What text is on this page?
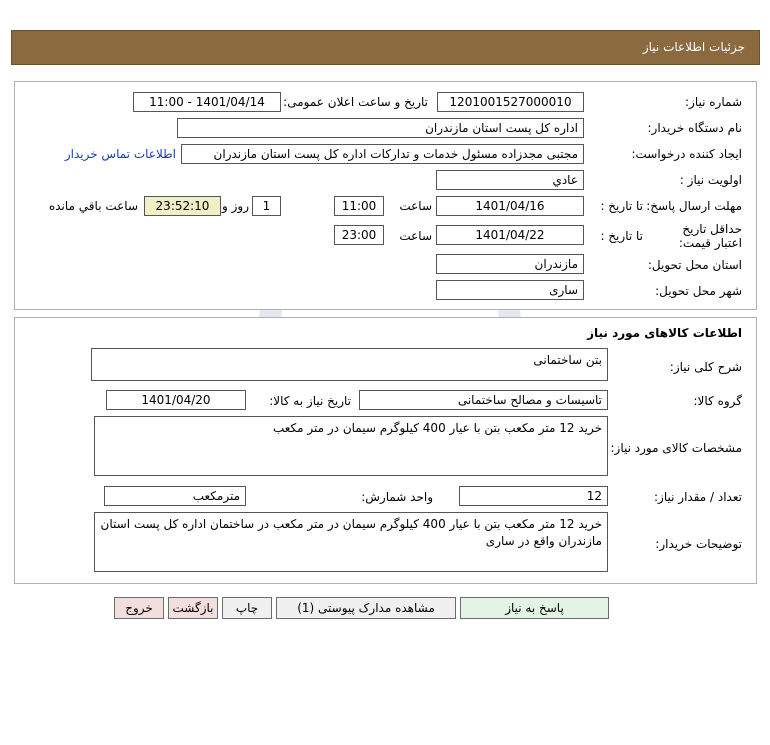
جزئیات اطلاعات نیاز
شماره نیاز:
1201001527000010
تاریخ و ساعت اعلان عمومی:
1401/04/14 - 11:00
نام دستگاه خریدار:
اداره کل پست استان مازندران
ایجاد کننده درخواست:
مجتبی مجدزاده مسئول خدمات و تدارکات اداره کل پست استان مازندران
اطلاعات تماس خریدار
اولویت نیاز :
عادي
مهلت ارسال پاسخ:
تا تاریخ :
1401/04/16
ساعت
11:00
1
روز و
23:52:10
ساعت باقي مانده
حداقل تاریخ اعتبار قیمت:
تا تاریخ :
1401/04/22
ساعت
23:00
استان محل تحویل:
مازندران
شهر محل تحویل:
ساری
اطلاعات کالاهای مورد نیاز
شرح کلی نیاز:
بتن ساختمانی
گروه کالا:
تاسیسات و مصالح ساختمانی
تاریخ نیاز به کالا:
1401/04/20
مشخصات کالای مورد نیاز:
خرید 12 متر مکعب بتن با عیار 400 کیلوگرم سیمان در متر مکعب
تعداد / مقدار نیاز:
12
واحد شمارش:
مترمکعب
توضیحات خریدار:
خرید 12 متر مکعب بتن با عیار 400 کیلوگرم سیمان در متر مکعب در ساختمان اداره کل پست استان مازندران واقع در ساری
پاسخ به نیاز
مشاهده مدارک پیوستی (1)
چاپ
بازگشت
خروج
